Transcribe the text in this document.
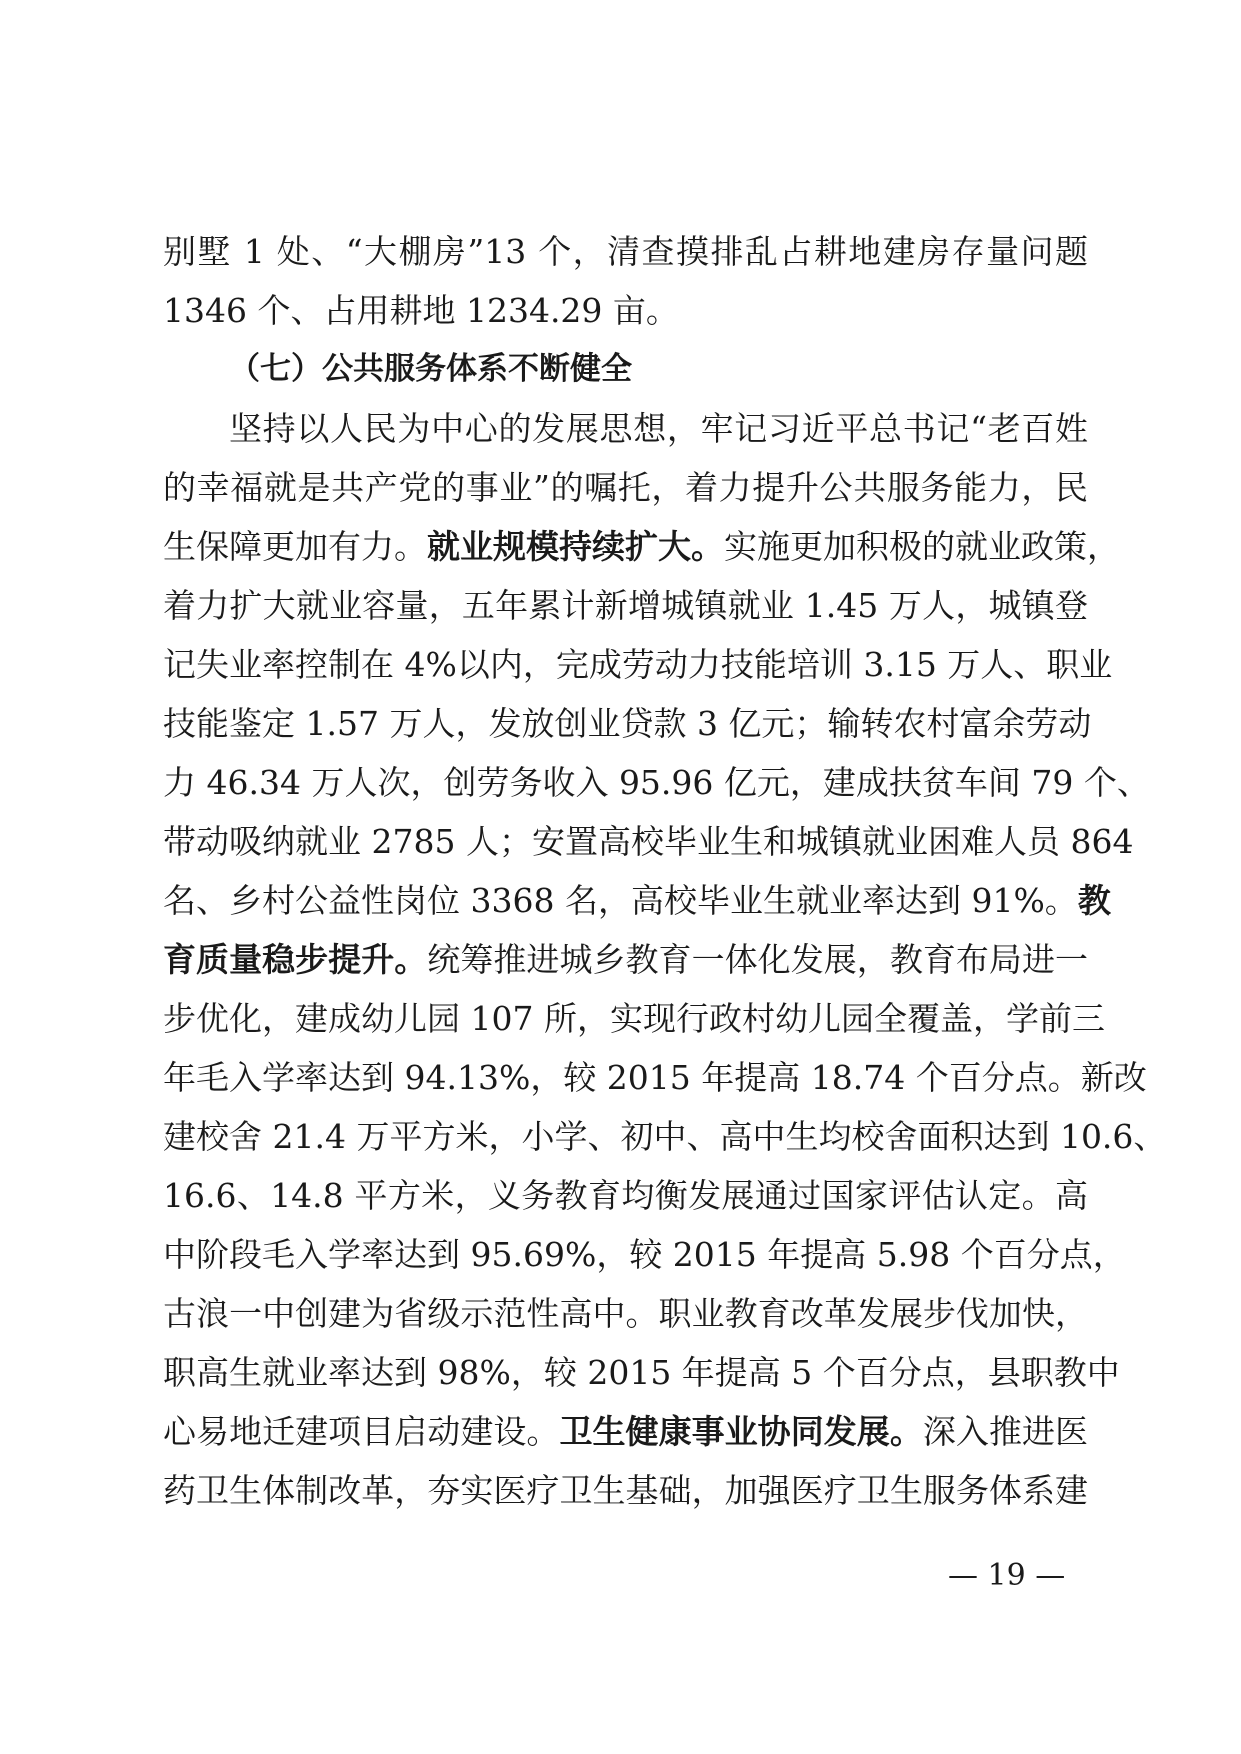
别墅 1 处、“大棚房”13 个，清查摸排乱占耕地建房存量问题
1346 个、占用耕地 1234.29 亩。
（七）公共服务体系不断健全
坚持以人民为中心的发展思想，牢记习近平总书记“老百姓
的幸福就是共产党的事业”的嘱托，着力提升公共服务能力，民
生保障更加有力。就业规模持续扩大。实施更加积极的就业政策，
着力扩大就业容量，五年累计新增城镇就业 1.45 万人，城镇登
记失业率控制在 4%以内，完成劳动力技能培训 3.15 万人、职业
技能鉴定 1.57 万人，发放创业贷款 3 亿元；输转农村富余劳动
力 46.34 万人次，创劳务收入 95.96 亿元，建成扶贫车间 79 个、
带动吸纳就业 2785 人；安置高校毕业生和城镇就业困难人员 864
名、乡村公益性岗位 3368 名，高校毕业生就业率达到 91%。教
育质量稳步提升。统筹推进城乡教育一体化发展，教育布局进一
步优化，建成幼儿园 107 所，实现行政村幼儿园全覆盖，学前三
年毛入学率达到 94.13%，较 2015 年提高 18.74 个百分点。新改
建校舍 21.4 万平方米，小学、初中、高中生均校舍面积达到 10.6、
16.6、14.8 平方米，义务教育均衡发展通过国家评估认定。高
中阶段毛入学率达到 95.69%，较 2015 年提高 5.98 个百分点，
古浪一中创建为省级示范性高中。职业教育改革发展步伐加快，
职高生就业率达到 98%，较 2015 年提高 5 个百分点，县职教中
心易地迁建项目启动建设。卫生健康事业协同发展。深入推进医
药卫生体制改革，夯实医疗卫生基础，加强医疗卫生服务体系建
— 19 —
